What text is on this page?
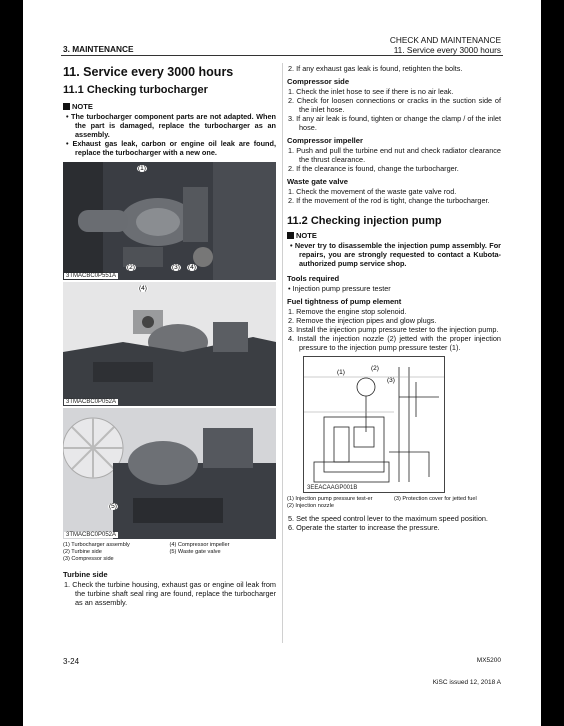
CHECK AND MAINTENANCE
11. Service every 3000 hours
3. MAINTENANCE
11. Service every 3000 hours
11.1 Checking turbocharger
NOTE

• The turbocharger component parts are not adapted. When the part is damaged, replace the turbocharger as an assembly.

• Exhaust gas leak, carbon or engine oil leak are found, replace the turbocharger with a new one.

(1)
(2)	(3) (4)
3TMACBC0P551A
(4)
3TMACBC0P052A
(5)
3TMACBC0P052A
(1) Turbocharger assembly	(4) Compressor impeller
(2) Turbine side	(5) Waste gate valve
(3) Compressor side
Turbine side

1. Check the turbine housing, exhaust gas or engine oil leak from the turbine shaft seal ring are found, replace the turbocharger as an assembly.

2. If any exhaust gas leak is found, retighten the bolts.

Compressor side

1. Check the inlet hose to see if there is no air leak.

2. Check for loosen connections or cracks in the suction side of the inlet hose.

3. If any air leak is found, tighten or change the clamp / of the inlet hose.

Compressor impeller

1. Push and pull the turbine end nut and check radiator clearance the thrust clearance.

2. If the clearance is found, change the turbocharger.

Waste gate valve

1. Check the movement of the waste gate valve rod.

2. If the movement of the rod is tight, change the turbocharger.

11.2 Checking injection pump
NOTE

• Never try to disassemble the injection pump assembly. For repairs, you are strongly requested to contact a Kubota-authorized pump service shop.

Tools required

• Injection pump pressure tester

Fuel tightness of pump element

1. Remove the engine stop solenoid.

2. Remove the injection pipes and glow plugs.

3. Install the injection pump pressure tester to the injection pump.

4. Install the injection nozzle (2) jetted with the proper injection pressure to the injection pump pressure tester (1).

(1)
(2)
(3)
3EEACAAGP001B
(1) Injection pump pressure test-er	(3) Protection cover for jetted fuel
(2) Injection nozzle

5. Set the speed control lever to the maximum speed position.

6. Operate the starter to increase the pressure.

3-24	MX5200
KiSC issued 12, 2018 A
